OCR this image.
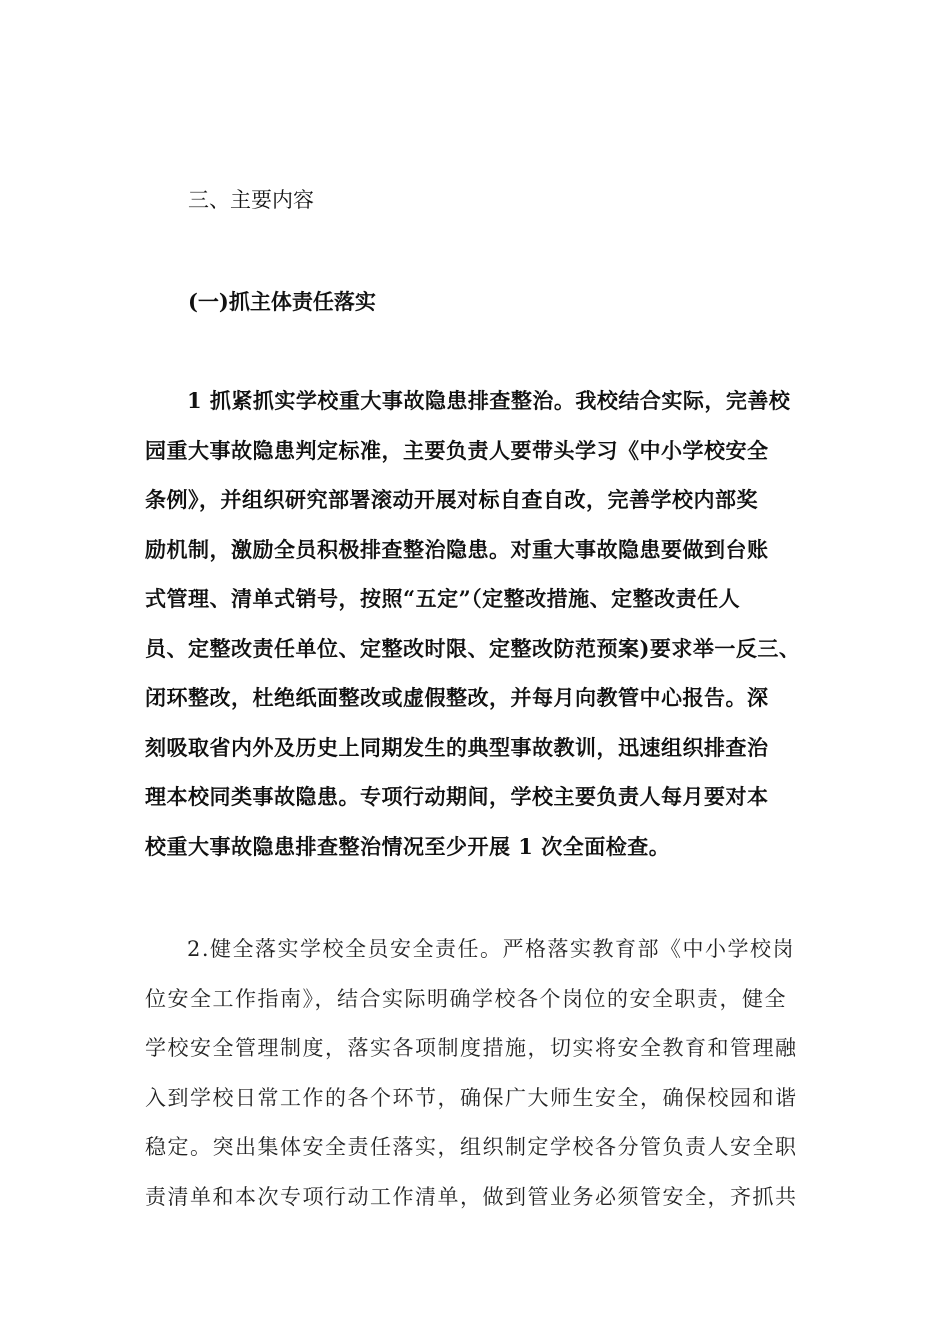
三、主要内容
(一)抓主体责任落实
1 抓紧抓实学校重大事故隐患排查整治。我校结合实际，完善校
园重大事故隐患判定标准，主要负责人要带头学习《中小学校安全
条例》，并组织研究部署滚动开展对标自查自改，完善学校内部奖
励机制，激励全员积极排查整治隐患。对重大事故隐患要做到台账
式管理、清单式销号，按照“五定”（定整改措施、定整改责任人
员、定整改责任单位、定整改时限、定整改防范预案)要求举一反三、
闭环整改，杜绝纸面整改或虚假整改，并每月向教管中心报告。深
刻吸取省内外及历史上同期发生的典型事故教训，迅速组织排查治
理本校同类事故隐患。专项行动期间，学校主要负责人每月要对本
校重大事故隐患排查整治情况至少开展 1 次全面检查。
2.健全落实学校全员安全责任。严格落实教育部《中小学校岗
位安全工作指南》，结合实际明确学校各个岗位的安全职责，健全
学校安全管理制度，落实各项制度措施，切实将安全教育和管理融
入到学校日常工作的各个环节，确保广大师生安全，确保校园和谐
稳定。突出集体安全责任落实，组织制定学校各分管负责人安全职
责清单和本次专项行动工作清单，做到管业务必须管安全，齐抓共
